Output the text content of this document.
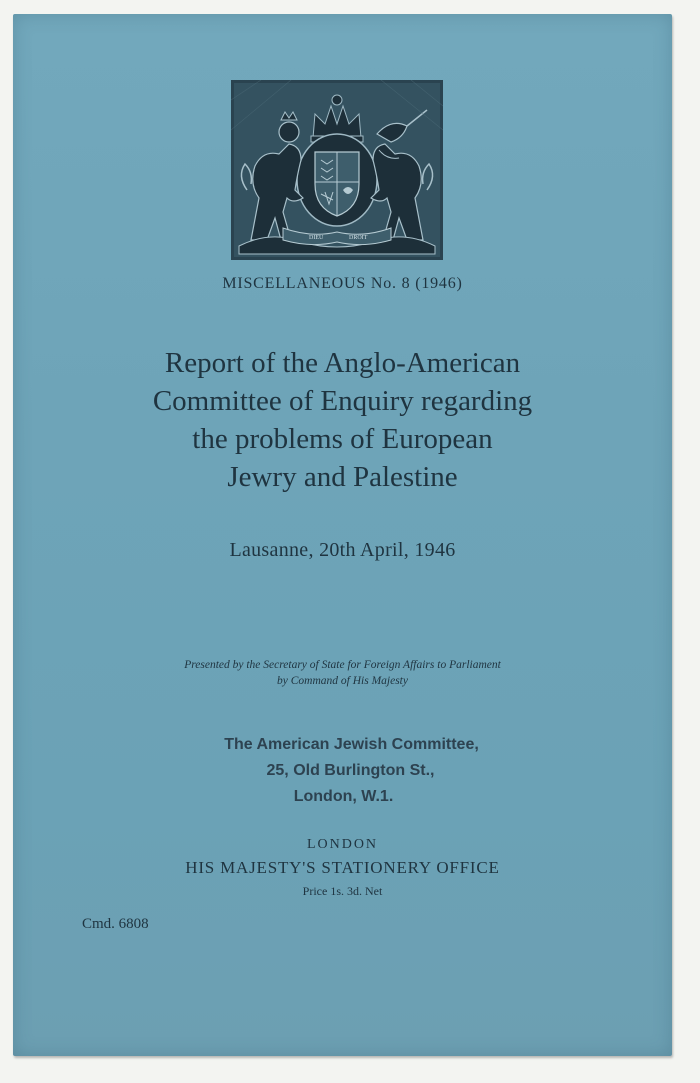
DIEU	DROIT
MISCELLANEOUS No. 8 (1946)
Report of the Anglo-American
Committee of Enquiry regarding
the problems of European
Jewry and Palestine
Lausanne, 20th April, 1946
Presented by the Secretary of State for Foreign Affairs to Parliament
by Command of His Majesty
The American Jewish Committee,
25, Old Burlington St.,
London, W.1.
LONDON
HIS MAJESTY'S STATIONERY OFFICE
Price 1s. 3d. Net
Cmd. 6808
